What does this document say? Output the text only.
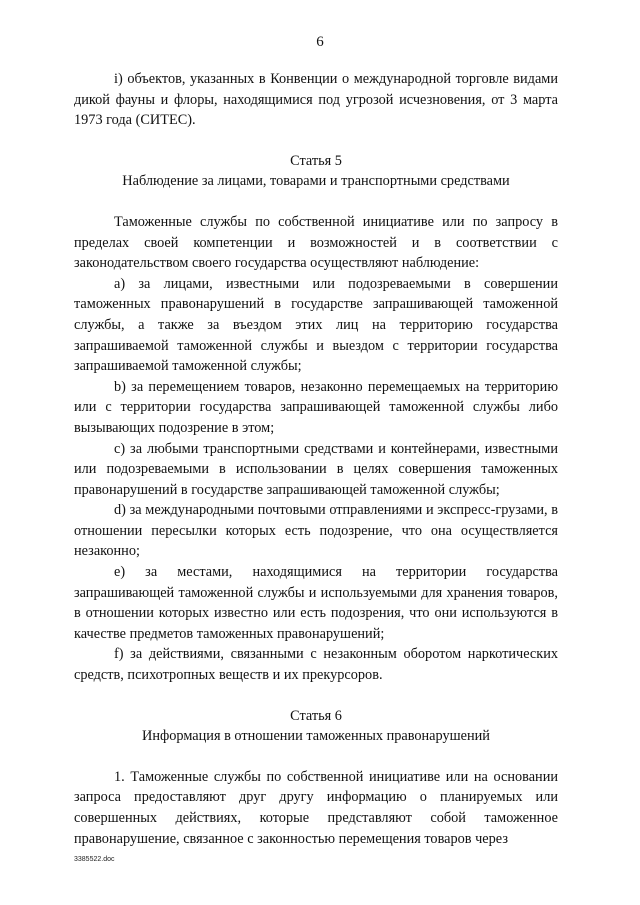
6

i) объектов, указанных в Конвенции о международной торговле видами дикой фауны и флоры, находящимися под угрозой исчезновения, от 3 марта 1973 года (СИТЕС).

Статья 5

Наблюдение за лицами, товарами и транспортными средствами

Таможенные службы по собственной инициативе или по запросу в пределах своей компетенции и возможностей и в соответствии с законодательством своего государства осуществляют наблюдение:

a) за лицами, известными или подозреваемыми в совершении таможенных правонарушений в государстве запрашивающей таможенной службы, а также за въездом этих лиц на территорию государства запрашиваемой таможенной службы и выездом с территории государства запрашиваемой таможенной службы;

b) за перемещением товаров, незаконно перемещаемых на территорию или с территории государства запрашивающей таможенной службы либо вызывающих подозрение в этом;

c) за любыми транспортными средствами и контейнерами, известными или подозреваемыми в использовании в целях совершения таможенных правонарушений в государстве запрашивающей таможенной службы;

d) за международными почтовыми отправлениями и экспресс-грузами, в отношении пересылки которых есть подозрение, что она осуществляется незаконно;

e) за местами, находящимися на территории государства запрашивающей таможенной службы и используемыми для хранения товаров, в отношении которых известно или есть подозрения, что они используются в качестве предметов таможенных правонарушений;

f) за действиями, связанными с незаконным оборотом наркотических средств, психотропных веществ и их прекурсоров.

Статья 6

Информация в отношении таможенных правонарушений

1. Таможенные службы по собственной инициативе или на основании запроса предоставляют друг другу информацию о планируемых или совершенных действиях, которые представляют собой таможенное правонарушение, связанное с законностью перемещения товаров через

3385522.doc
